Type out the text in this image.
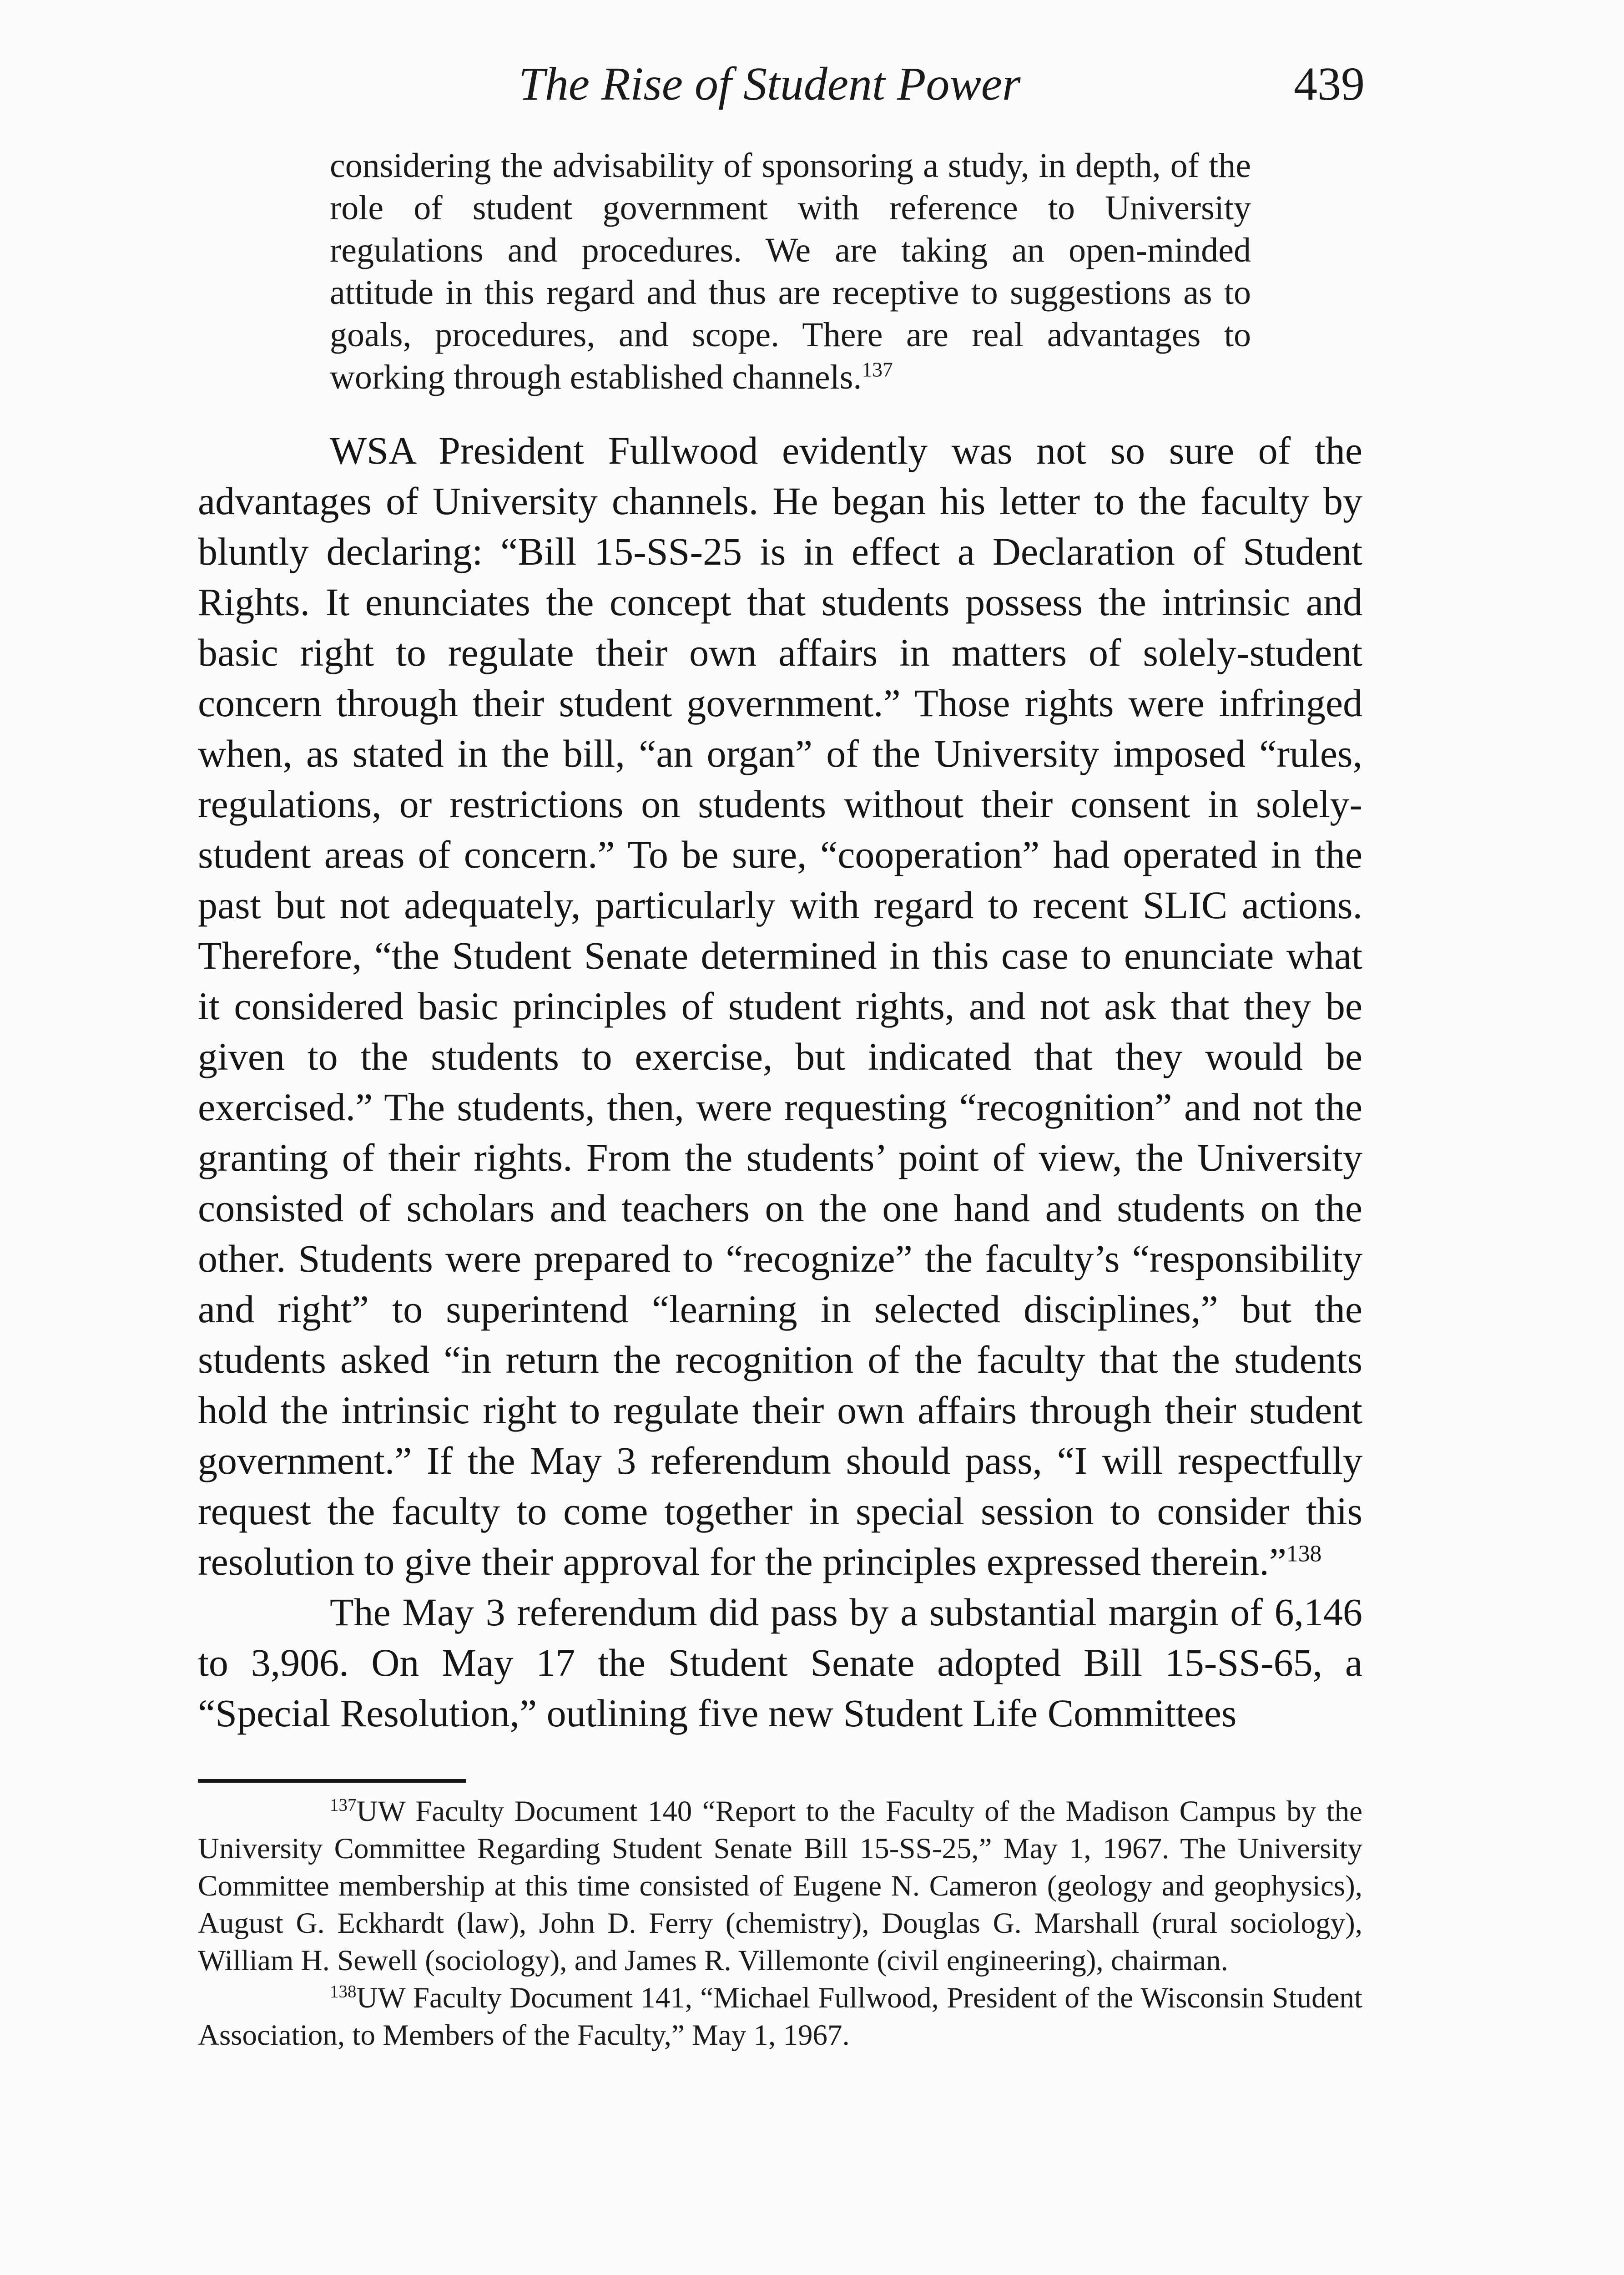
The Rise of Student Power	439

considering the advisability of sponsoring a study, in depth, of the role of student government with reference to University regulations and procedures. We are taking an open-minded attitude in this regard and thus are receptive to suggestions as to goals, procedures, and scope. There are real advantages to working through established channels.$^{137}$

WSA President Fullwood evidently was not so sure of the advantages of University channels. He began his letter to the faculty by bluntly declaring: “Bill 15-SS-25 is in effect a Declaration of Student Rights. It enunciates the concept that students possess the intrinsic and basic right to regulate their own affairs in matters of solely-student concern through their student government.” Those rights were infringed when, as stated in the bill, “an organ” of the University imposed “rules, regulations, or restrictions on students without their consent in solely-student areas of concern.” To be sure, “cooperation” had operated in the past but not adequately, particularly with regard to recent SLIC actions. Therefore, “the Student Senate determined in this case to enunciate what it considered basic principles of student rights, and not ask that they be given to the students to exercise, but indicated that they would be exercised.” The students, then, were requesting “recognition” and not the granting of their rights. From the students’ point of view, the University consisted of scholars and teachers on the one hand and students on the other. Students were prepared to “recognize” the faculty’s “responsibility and right” to superintend “learning in selected disciplines,” but the students asked “in return the recognition of the faculty that the students hold the intrinsic right to regulate their own affairs through their student government.” If the May 3 referendum should pass, “I will respectfully request the faculty to come together in special session to consider this resolution to give their approval for the principles expressed therein.”$^{138}$

The May 3 referendum did pass by a substantial margin of 6,146 to 3,906. On May 17 the Student Senate adopted Bill 15-SS-65, a “Special Resolution,” outlining five new Student Life Committees

$^{137}$UW Faculty Document 140 “Report to the Faculty of the Madison Campus by the University Committee Regarding Student Senate Bill 15-SS-25,” May 1, 1967. The University Committee membership at this time consisted of Eugene N. Cameron (geology and geophysics), August G. Eckhardt (law), John D. Ferry (chemistry), Douglas G. Marshall (rural sociology), William H. Sewell (sociology), and James R. Villemonte (civil engineering), chairman.

$^{138}$UW Faculty Document 141, “Michael Fullwood, President of the Wisconsin Student Association, to Members of the Faculty,” May 1, 1967.
